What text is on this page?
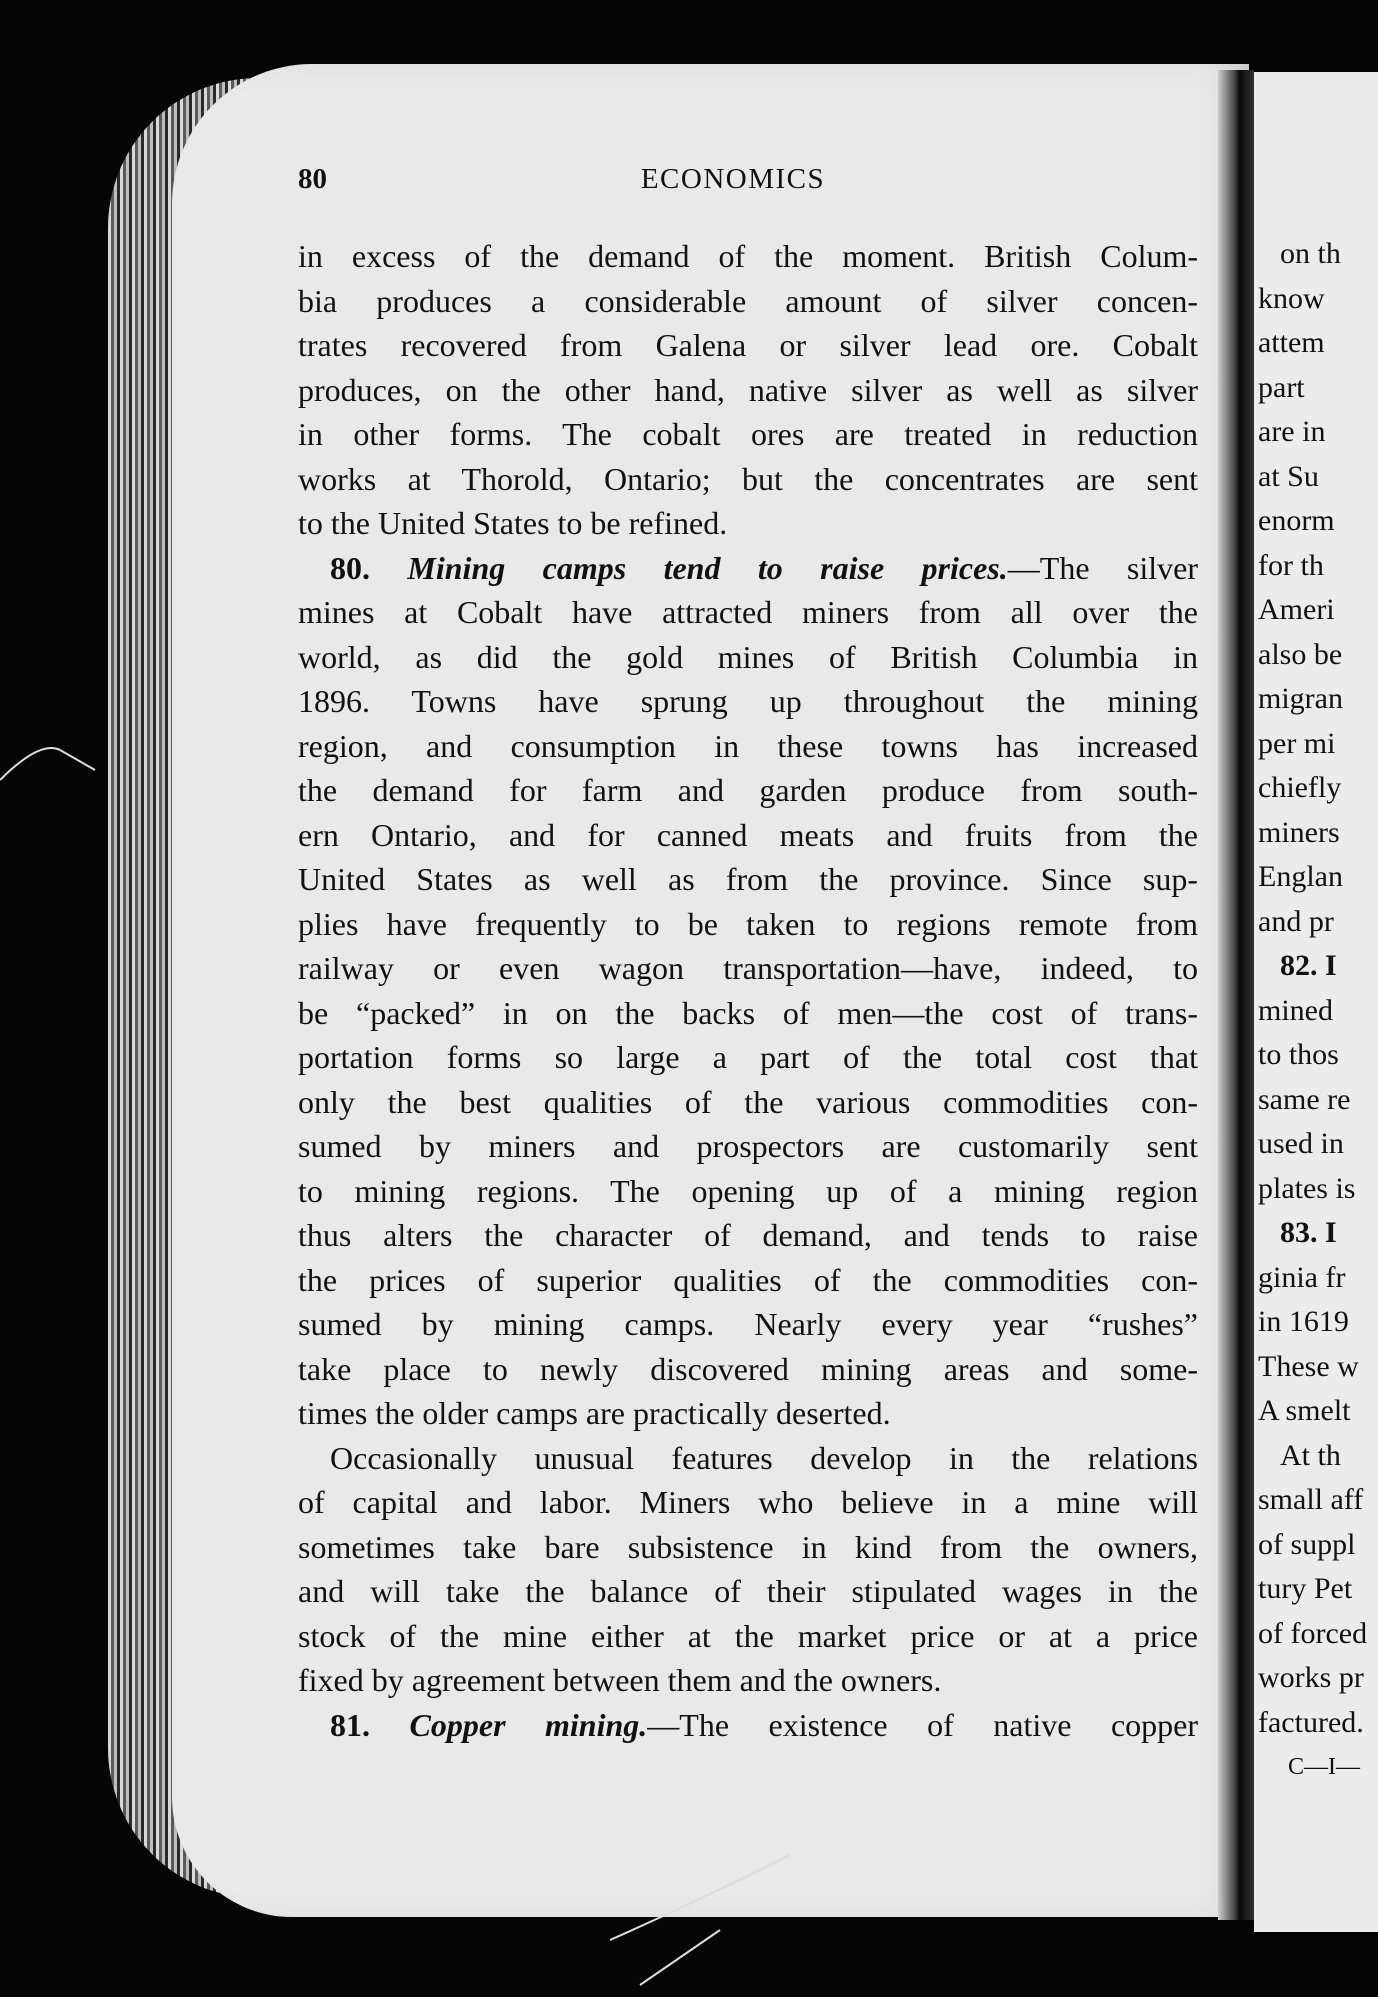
80	ECONOMICS
in excess of the demand of the moment. British Colum-
bia produces a considerable amount of silver concen-
trates recovered from Galena or silver lead ore. Cobalt
produces, on the other hand, native silver as well as silver
in other forms. The cobalt ores are treated in reduction
works at Thorold, Ontario; but the concentrates are sent
to the United States to be refined.
80. Mining camps tend to raise prices.—The silver
mines at Cobalt have attracted miners from all over the
world, as did the gold mines of British Columbia in
1896. Towns have sprung up throughout the mining
region, and consumption in these towns has increased
the demand for farm and garden produce from south-
ern Ontario, and for canned meats and fruits from the
United States as well as from the province. Since sup-
plies have frequently to be taken to regions remote from
railway or even wagon transportation—have, indeed, to
be “packed” in on the backs of men—the cost of trans-
portation forms so large a part of the total cost that
only the best qualities of the various commodities con-
sumed by miners and prospectors are customarily sent
to mining regions. The opening up of a mining region
thus alters the character of demand, and tends to raise
the prices of superior qualities of the commodities con-
sumed by mining camps. Nearly every year “rushes”
take place to newly discovered mining areas and some-
times the older camps are practically deserted.
Occasionally unusual features develop in the relations
of capital and labor. Miners who believe in a mine will
sometimes take bare subsistence in kind from the owners,
and will take the balance of their stipulated wages in the
stock of the mine either at the market price or at a price
fixed by agreement between them and the owners.
81. Copper mining.—The existence of native copper
on th
know
attem
part
are in
at Su
enorm
for th
Ameri
also be
migran
per mi
chiefly
miners
Englan
and pr
82. I
mined
to thos
same re
used in
plates is
83. I
ginia fr
in 1619
These w
A smelt
At th
small aff
of suppl
tury Pet
of forced
works pr
factured.
C—I—
